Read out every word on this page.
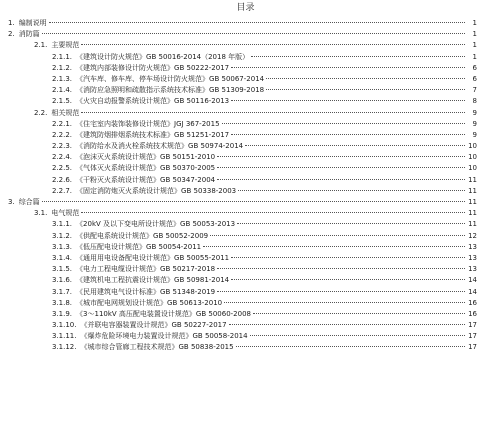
目录
1. 编制说明	1
2. 消防篇	1
2.1. 主要规范	1
2.1.1. 《建筑设计防火规范》GB 50016-2014（2018 年版）	1
2.1.2. 《建筑内部装修设计防火规范》GB 50222-2017	6
2.1.3. 《汽车库、修车库、停车场设计防火规范》GB 50067-2014	6
2.1.4. 《消防应急照明和疏散指示系统技术标准》GB 51309-2018	7
2.1.5. 《火灾自动报警系统设计规范》GB 50116-2013	8
2.2. 相关规范	9
2.2.1. 《住宅室内装饰装修设计规范》JGJ 367-2015	9
2.2.2. 《建筑防烟排烟系统技术标准》GB 51251-2017	9
2.2.3. 《消防给水及消火栓系统技术规范》GB 50974-2014	10
2.2.4. 《泡沫灭火系统设计规范》GB 50151-2010	10
2.2.5. 《气体灭火系统设计规范》GB 50370-2005	10
2.2.6. 《干粉灭火系统设计规范》GB 50347-2004	11
2.2.7. 《固定消防炮灭火系统设计规范》GB 50338-2003	11
3. 综合篇	11
3.1. 电气规范	11
3.1.1. 《20kV 及以下变电所设计规范》GB 50053-2013	11
3.1.2. 《供配电系统设计规范》GB 50052-2009	12
3.1.3. 《低压配电设计规范》GB 50054-2011	13
3.1.4. 《通用用电设备配电设计规范》GB 50055-2011	13
3.1.5. 《电力工程电缆设计规范》GB 50217-2018	13
3.1.6. 《建筑机电工程抗震设计规范》GB 50981-2014	14
3.1.7. 《民用建筑电气设计标准》GB 51348-2019	14
3.1.8. 《城市配电网规划设计规范》GB 50613-2010	16
3.1.9. 《3～110kV 高压配电装置设计规范》GB 50060-2008	16
3.1.10. 《并联电容器装置设计规范》GB 50227-2017	17
3.1.11. 《爆炸危险环境电力装置设计规范》GB 50058-2014	17
3.1.12. 《城市综合管廊工程技术规范》GB 50838-2015	17
